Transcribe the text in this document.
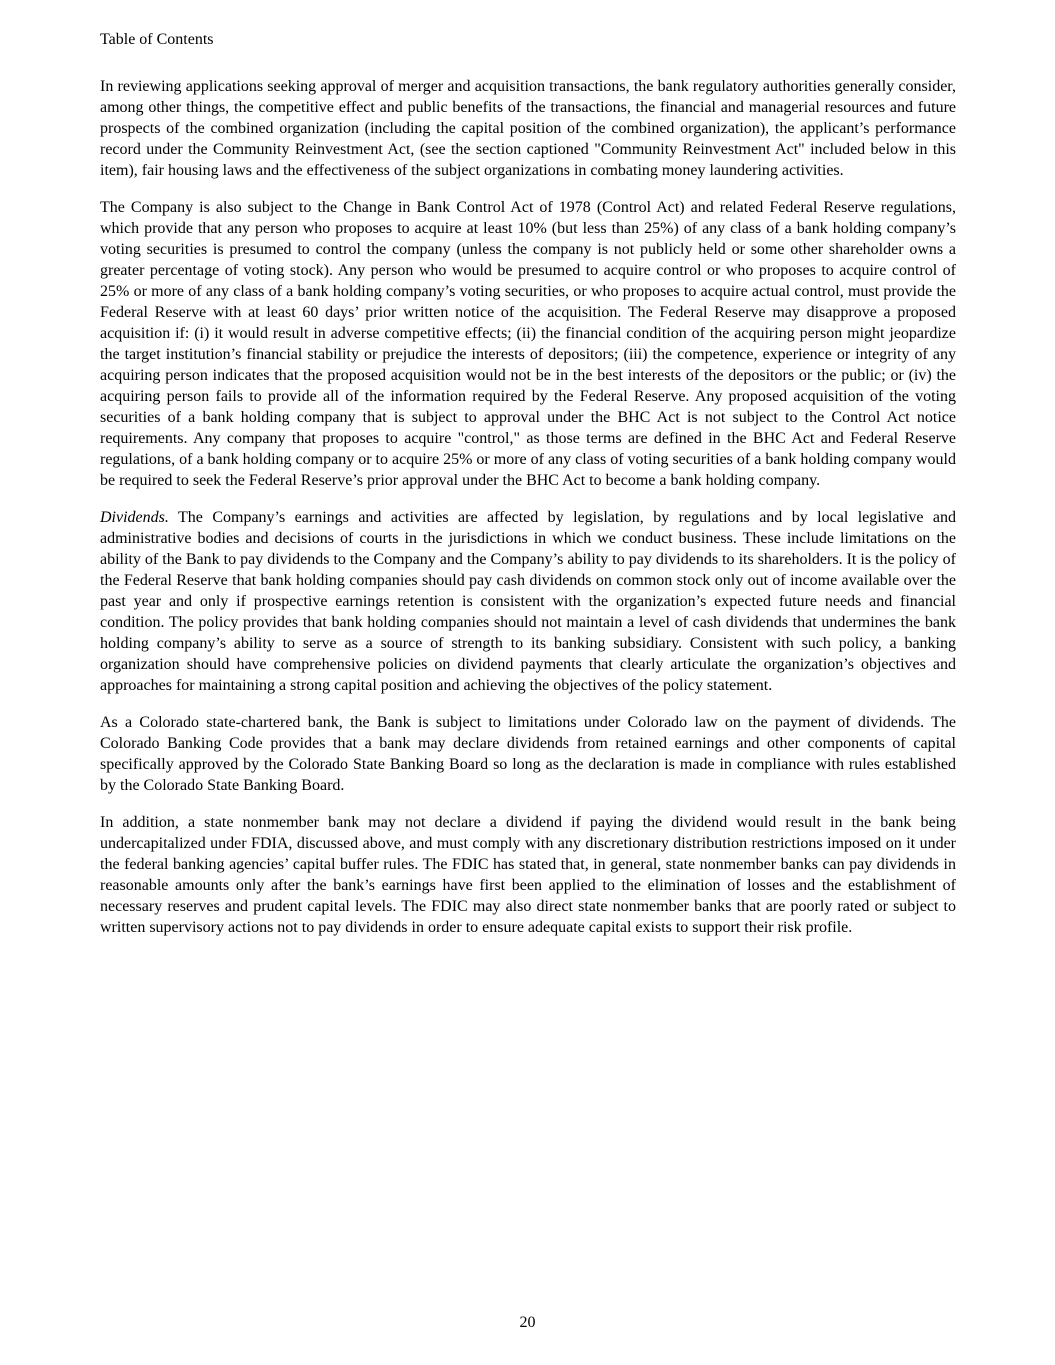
Table of Contents

In reviewing applications seeking approval of merger and acquisition transactions, the bank regulatory authorities generally consider, among other things, the competitive effect and public benefits of the transactions, the financial and managerial resources and future prospects of the combined organization (including the capital position of the combined organization), the applicant’s performance record under the Community Reinvestment Act, (see the section captioned "Community Reinvestment Act" included below in this item), fair housing laws and the effectiveness of the subject organizations in combating money laundering activities.

The Company is also subject to the Change in Bank Control Act of 1978 (Control Act) and related Federal Reserve regulations, which provide that any person who proposes to acquire at least 10% (but less than 25%) of any class of a bank holding company’s voting securities is presumed to control the company (unless the company is not publicly held or some other shareholder owns a greater percentage of voting stock). Any person who would be presumed to acquire control or who proposes to acquire control of 25% or more of any class of a bank holding company’s voting securities, or who proposes to acquire actual control, must provide the Federal Reserve with at least 60 days’ prior written notice of the acquisition. The Federal Reserve may disapprove a proposed acquisition if: (i) it would result in adverse competitive effects; (ii) the financial condition of the acquiring person might jeopardize the target institution’s financial stability or prejudice the interests of depositors; (iii) the competence, experience or integrity of any acquiring person indicates that the proposed acquisition would not be in the best interests of the depositors or the public; or (iv) the acquiring person fails to provide all of the information required by the Federal Reserve. Any proposed acquisition of the voting securities of a bank holding company that is subject to approval under the BHC Act is not subject to the Control Act notice requirements. Any company that proposes to acquire "control," as those terms are defined in the BHC Act and Federal Reserve regulations, of a bank holding company or to acquire 25% or more of any class of voting securities of a bank holding company would be required to seek the Federal Reserve’s prior approval under the BHC Act to become a bank holding company.

Dividends. The Company’s earnings and activities are affected by legislation, by regulations and by local legislative and administrative bodies and decisions of courts in the jurisdictions in which we conduct business. These include limitations on the ability of the Bank to pay dividends to the Company and the Company’s ability to pay dividends to its shareholders. It is the policy of the Federal Reserve that bank holding companies should pay cash dividends on common stock only out of income available over the past year and only if prospective earnings retention is consistent with the organization’s expected future needs and financial condition. The policy provides that bank holding companies should not maintain a level of cash dividends that undermines the bank holding company’s ability to serve as a source of strength to its banking subsidiary. Consistent with such policy, a banking organization should have comprehensive policies on dividend payments that clearly articulate the organization’s objectives and approaches for maintaining a strong capital position and achieving the objectives of the policy statement.

As a Colorado state-chartered bank, the Bank is subject to limitations under Colorado law on the payment of dividends. The Colorado Banking Code provides that a bank may declare dividends from retained earnings and other components of capital specifically approved by the Colorado State Banking Board so long as the declaration is made in compliance with rules established by the Colorado State Banking Board.

In addition, a state nonmember bank may not declare a dividend if paying the dividend would result in the bank being undercapitalized under FDIA, discussed above, and must comply with any discretionary distribution restrictions imposed on it under the federal banking agencies’ capital buffer rules. The FDIC has stated that, in general, state nonmember banks can pay dividends in reasonable amounts only after the bank’s earnings have first been applied to the elimination of losses and the establishment of necessary reserves and prudent capital levels. The FDIC may also direct state nonmember banks that are poorly rated or subject to written supervisory actions not to pay dividends in order to ensure adequate capital exists to support their risk profile.

20
